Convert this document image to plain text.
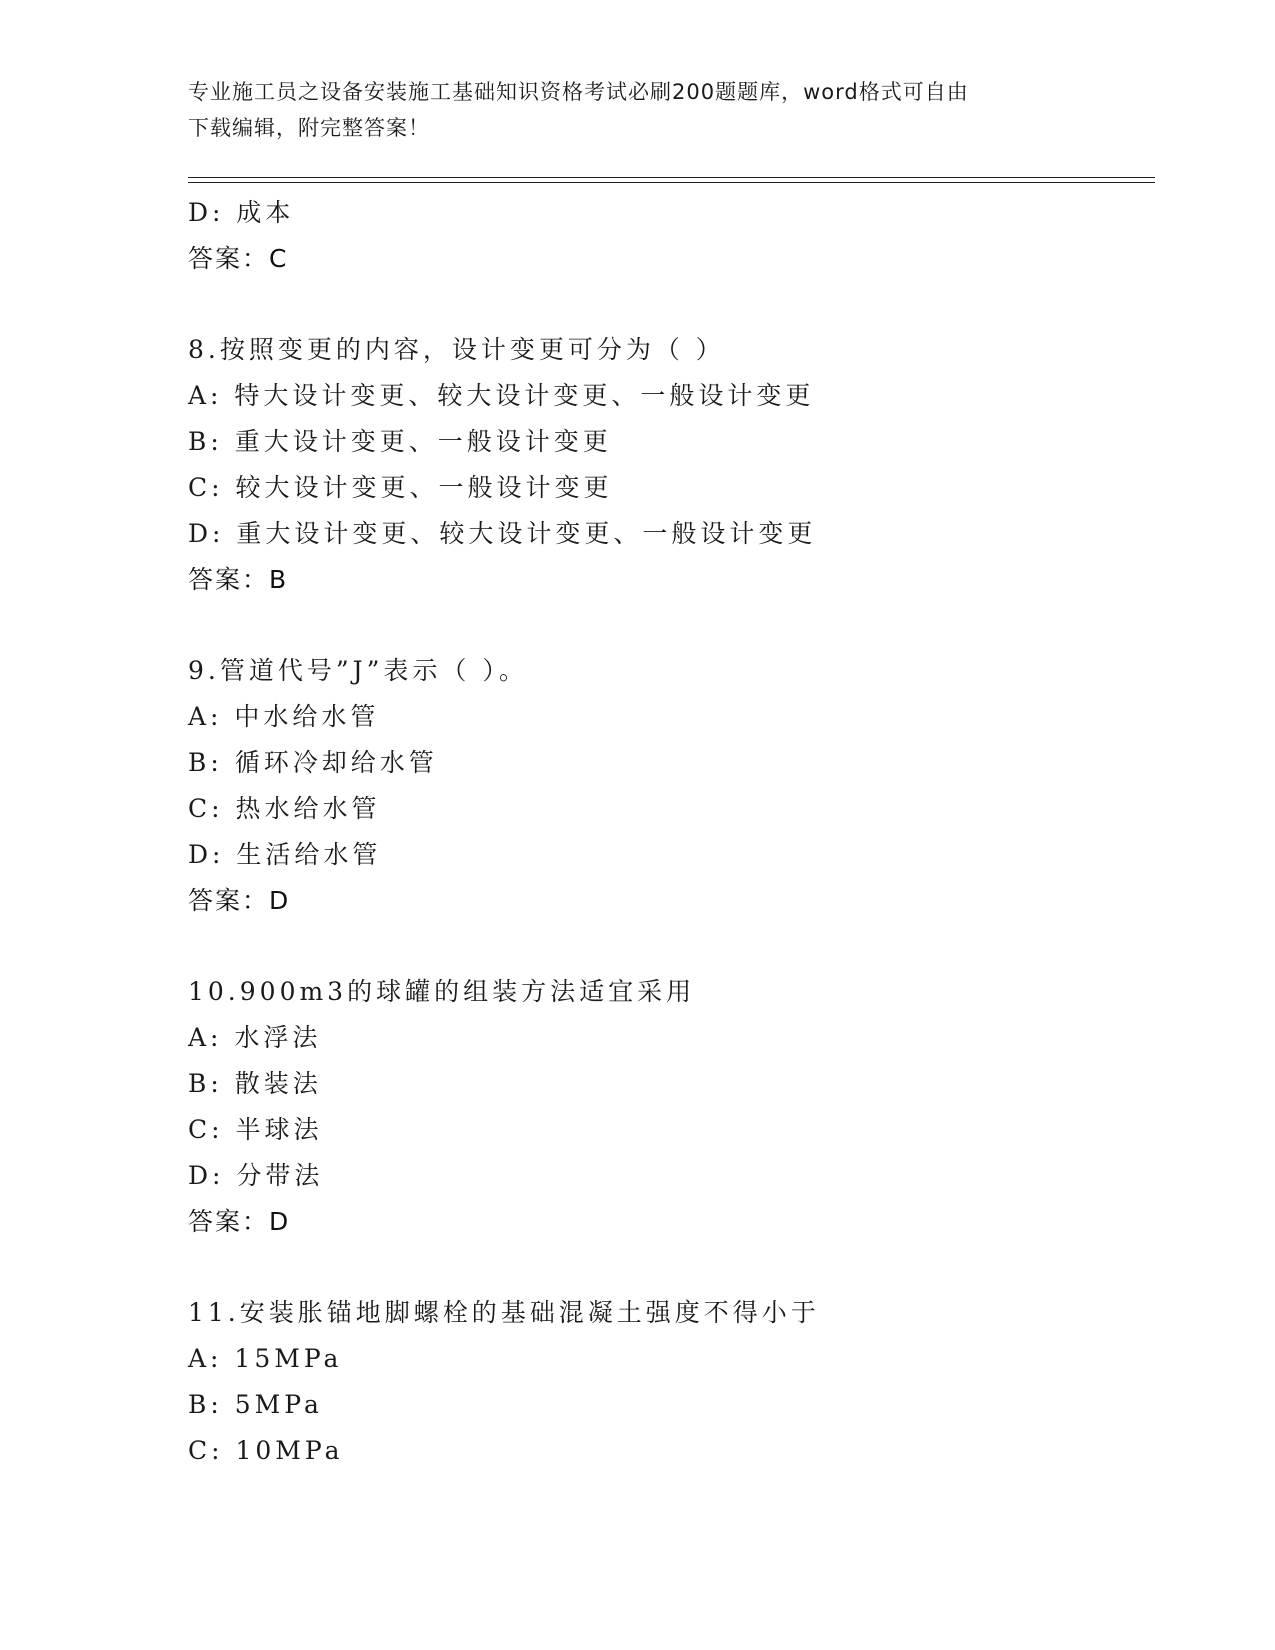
专业施工员之设备安装施工基础知识资格考试必刷200题题库，word格式可自由
下载编辑，附完整答案！
D: 成本
答案：C
8.按照变更的内容，设计变更可分为（ ）
A: 特大设计变更、较大设计变更、一般设计变更
B: 重大设计变更、一般设计变更
C: 较大设计变更、一般设计变更
D: 重大设计变更、较大设计变更、一般设计变更
答案：B
9.管道代号”J”表示（ ）。
A: 中水给水管
B: 循环冷却给水管
C: 热水给水管
D: 生活给水管
答案：D
10.900m3的球罐的组装方法适宜采用
A: 水浮法
B: 散装法
C: 半球法
D: 分带法
答案：D
11.安装胀锚地脚螺栓的基础混凝土强度不得小于
A: 15MPa
B: 5MPa
C: 10MPa
